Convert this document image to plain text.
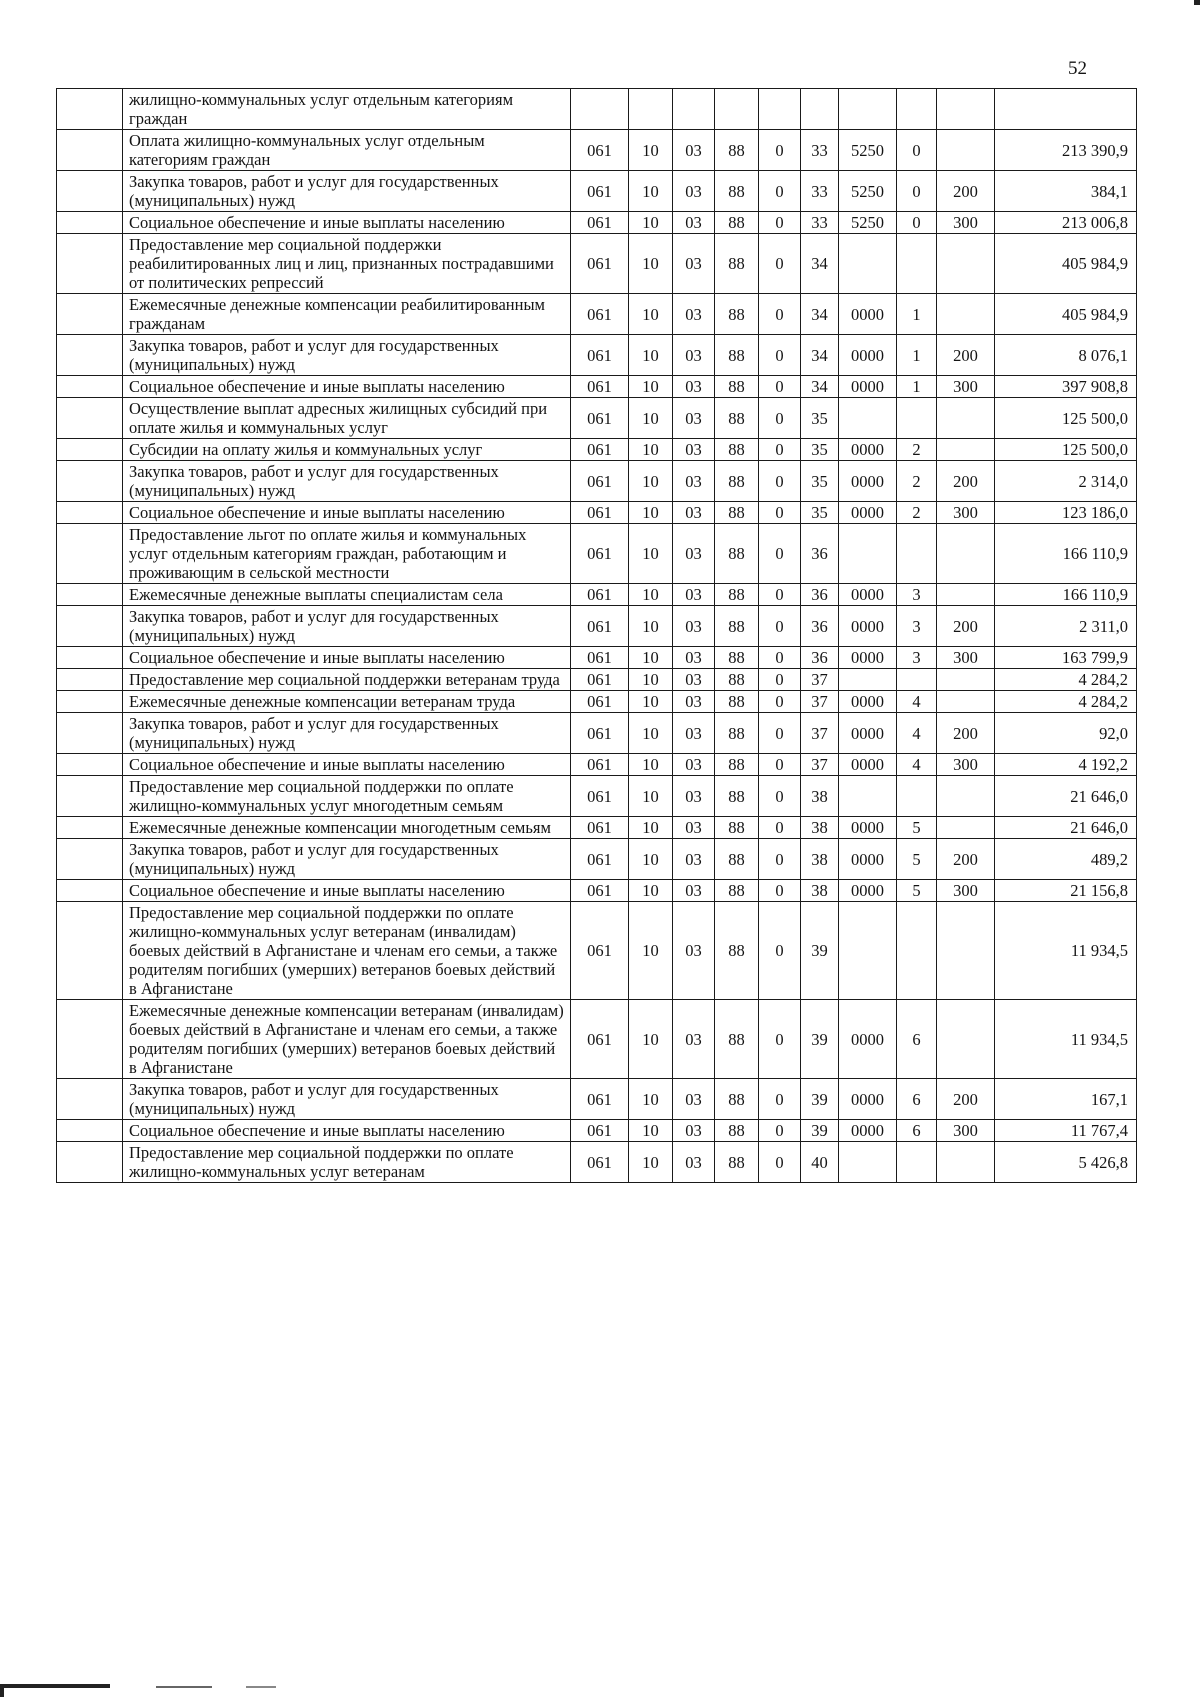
52
	жилищно-коммунальных услуг отдельным категориям граждан										
	Оплата жилищно-коммунальных услуг отдельным категориям граждан	061	10	03	88	0	33	5250	0		213 390,9
	Закупка товаров, работ и услуг для государственных (муниципальных) нужд	061	10	03	88	0	33	5250	0	200	384,1
	Социальное обеспечение и иные выплаты населению	061	10	03	88	0	33	5250	0	300	213 006,8
	Предоставление мер социальной поддержки реабилитированных лиц и лиц, признанных пострадавшими от политических репрессий	061	10	03	88	0	34				405 984,9
	Ежемесячные денежные компенсации реабилитированным гражданам	061	10	03	88	0	34	0000	1		405 984,9
	Закупка товаров, работ и услуг для государственных (муниципальных) нужд	061	10	03	88	0	34	0000	1	200	8 076,1
	Социальное обеспечение и иные выплаты населению	061	10	03	88	0	34	0000	1	300	397 908,8
	Осуществление выплат адресных жилищных субсидий при оплате жилья и коммунальных услуг	061	10	03	88	0	35				125 500,0
	Субсидии на оплату жилья и коммунальных услуг	061	10	03	88	0	35	0000	2		125 500,0
	Закупка товаров, работ и услуг для государственных (муниципальных) нужд	061	10	03	88	0	35	0000	2	200	2 314,0
	Социальное обеспечение и иные выплаты населению	061	10	03	88	0	35	0000	2	300	123 186,0
	Предоставление льгот по оплате жилья и коммунальных услуг отдельным категориям граждан, работающим и проживающим в сельской местности	061	10	03	88	0	36				166 110,9
	Ежемесячные денежные выплаты специалистам села	061	10	03	88	0	36	0000	3		166 110,9
	Закупка товаров, работ и услуг для государственных (муниципальных) нужд	061	10	03	88	0	36	0000	3	200	2 311,0
	Социальное обеспечение и иные выплаты населению	061	10	03	88	0	36	0000	3	300	163 799,9
	Предоставление мер социальной поддержки ветеранам труда	061	10	03	88	0	37				4 284,2
	Ежемесячные денежные компенсации ветеранам труда	061	10	03	88	0	37	0000	4		4 284,2
	Закупка товаров, работ и услуг для государственных (муниципальных) нужд	061	10	03	88	0	37	0000	4	200	92,0
	Социальное обеспечение и иные выплаты населению	061	10	03	88	0	37	0000	4	300	4 192,2
	Предоставление мер социальной поддержки по оплате жилищно-коммунальных услуг многодетным семьям	061	10	03	88	0	38				21 646,0
	Ежемесячные денежные компенсации многодетным семьям	061	10	03	88	0	38	0000	5		21 646,0
	Закупка товаров, работ и услуг для государственных (муниципальных) нужд	061	10	03	88	0	38	0000	5	200	489,2
	Социальное обеспечение и иные выплаты населению	061	10	03	88	0	38	0000	5	300	21 156,8
	Предоставление мер социальной поддержки по оплате жилищно-коммунальных услуг ветеранам (инвалидам) боевых действий в Афганистане и членам его семьи, а также родителям погибших (умерших) ветеранов боевых действий в Афганистане	061	10	03	88	0	39				11 934,5
	Ежемесячные денежные компенсации ветеранам (инвалидам) боевых действий в Афганистане и членам его семьи, а также родителям погибших (умерших) ветеранов боевых действий в Афганистане	061	10	03	88	0	39	0000	6		11 934,5
	Закупка товаров, работ и услуг для государственных (муниципальных) нужд	061	10	03	88	0	39	0000	6	200	167,1
	Социальное обеспечение и иные выплаты населению	061	10	03	88	0	39	0000	6	300	11 767,4
	Предоставление мер социальной поддержки по оплате жилищно-коммунальных услуг ветеранам	061	10	03	88	0	40				5 426,8
